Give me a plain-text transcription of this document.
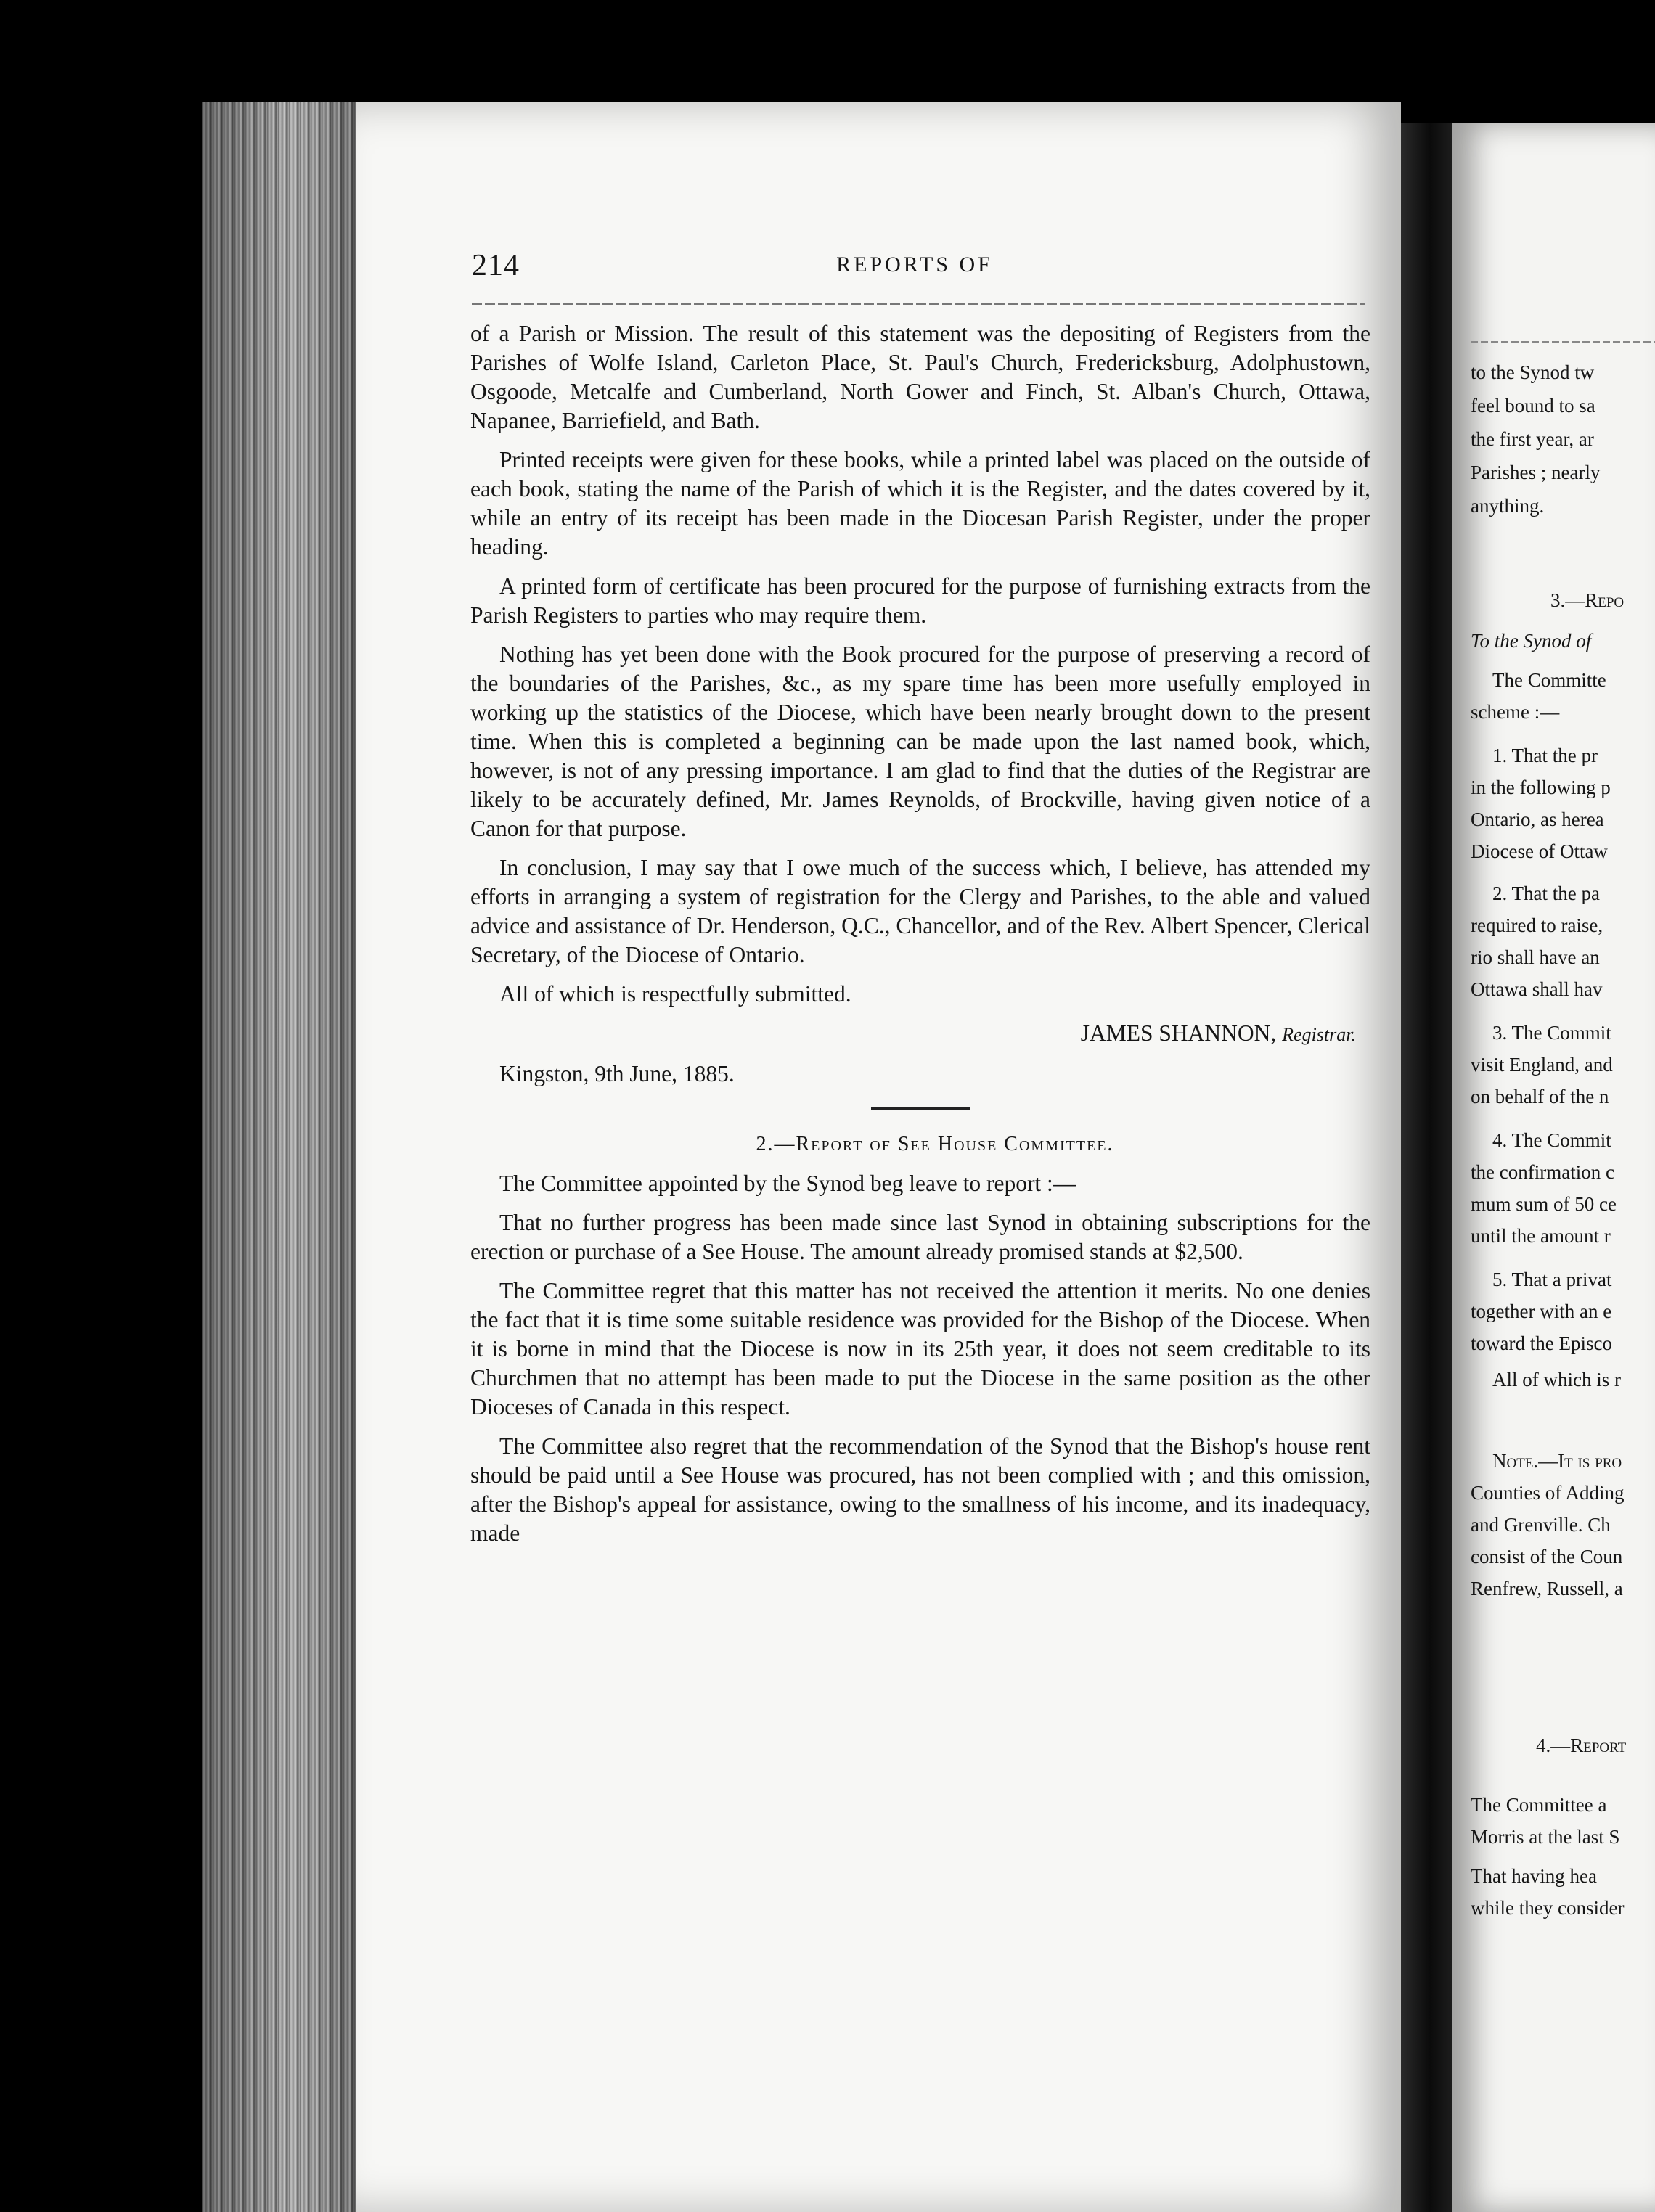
214	REPORTS OF

of a Parish or Mission. The result of this statement was the depositing of Registers from the Parishes of Wolfe Island, Carleton Place, St. Paul's Church, Fredericksburg, Adolphustown, Osgoode, Metcalfe and Cumberland, North Gower and Finch, St. Alban's Church, Ottawa, Napanee, Barriefield, and Bath.

Printed receipts were given for these books, while a printed label was placed on the outside of each book, stating the name of the Parish of which it is the Register, and the dates covered by it, while an entry of its receipt has been made in the Diocesan Parish Register, under the proper heading.

A printed form of certificate has been procured for the purpose of furnishing extracts from the Parish Registers to parties who may require them.

Nothing has yet been done with the Book procured for the purpose of preserving a record of the boundaries of the Parishes, &c., as my spare time has been more usefully employed in working up the statistics of the Diocese, which have been nearly brought down to the present time. When this is completed a beginning can be made upon the last named book, which, however, is not of any pressing importance. I am glad to find that the duties of the Registrar are likely to be accurately defined, Mr. James Reynolds, of Brockville, having given notice of a Canon for that purpose.

In conclusion, I may say that I owe much of the success which, I believe, has attended my efforts in arranging a system of registration for the Clergy and Parishes, to the able and valued advice and assistance of Dr. Henderson, Q.C., Chancellor, and of the Rev. Albert Spencer, Clerical Secretary, of the Diocese of Ontario.

All of which is respectfully submitted.

JAMES SHANNON, Registrar.

Kingston, 9th June, 1885.

2.—Report of See House Committee.

The Committee appointed by the Synod beg leave to report :—

That no further progress has been made since last Synod in obtaining subscriptions for the erection or purchase of a See House. The amount already promised stands at $2,500.

The Committee regret that this matter has not received the attention it merits. No one denies the fact that it is time some suitable residence was provided for the Bishop of the Diocese. When it is borne in mind that the Diocese is now in its 25th year, it does not seem creditable to its Churchmen that no attempt has been made to put the Diocese in the same position as the other Dioceses of Canada in this respect.

The Committee also regret that the recommendation of the Synod that the Bishop's house rent should be paid until a See House was procured, has not been complied with ; and this omission, after the Bishop's appeal for assistance, owing to the smallness of his income, and its inadequacy, made

to the Synod tw
feel bound to sa
the first year, ar
Parishes ; nearly
anything.
3.—Repo
To the Synod of
The Committe
scheme :—
1. That the pr
in the following p
Ontario, as herea
Diocese of Ottaw
2. That the pa
required to raise,
rio shall have an
Ottawa shall hav
3. The Commit
visit England, and
on behalf of the n
4. The Commit
the confirmation c
mum sum of 50 ce
until the amount r
5. That a privat
together with an e
toward the Episco
All of which is r
Note.—It is pro
Counties of Adding
and Grenville. Ch
consist of the Coun
Renfrew, Russell, a
4.—Report
The Committee a
Morris at the last S
That having hea
while they consider
